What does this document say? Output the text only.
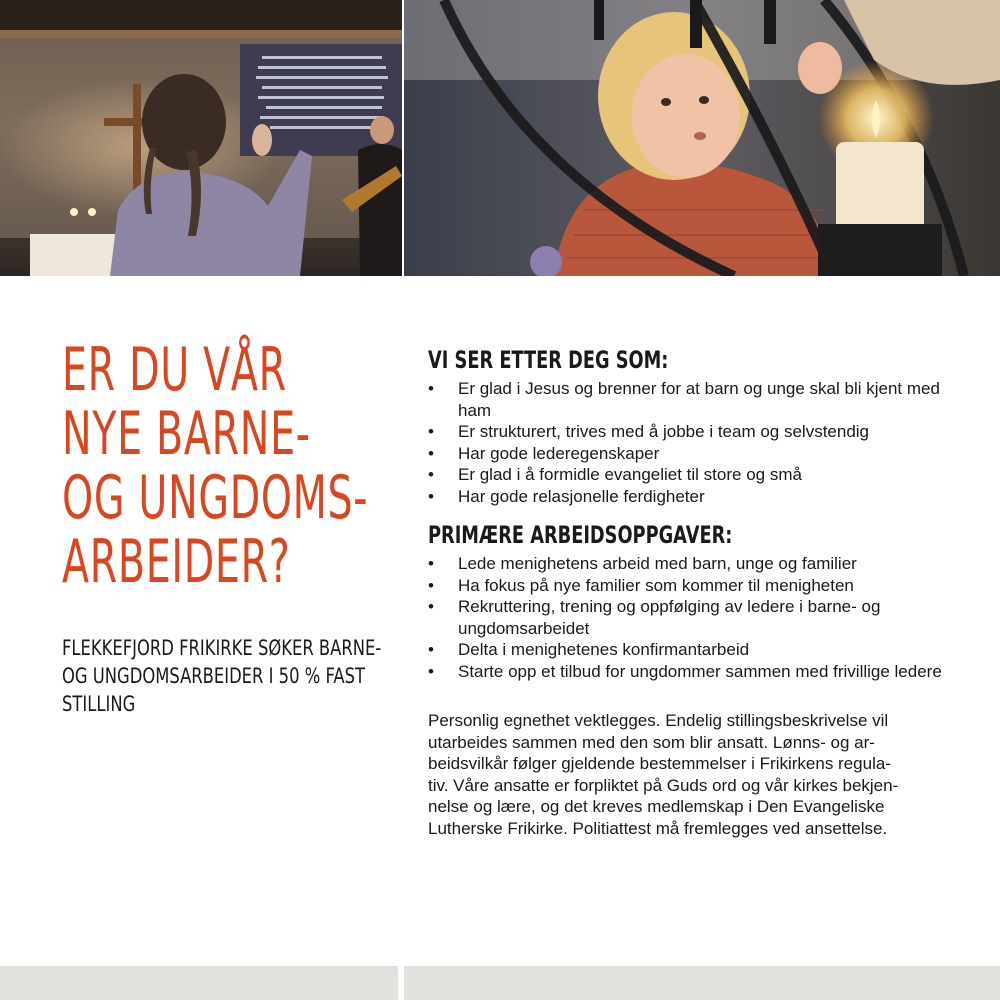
ER DU VÅR
NYE BARNE-
OG UNGDOMS-
ARBEIDER?
FLEKKEFJORD FRIKIRKE SØKER BARNE-
OG UNGDOMSARBEIDER I 50 % FAST
STILLING
VI SER ETTER DEG SOM:
•	Er glad i Jesus og brenner for at barn og unge skal bli kjent med ham
•	Er strukturert, trives med å jobbe i team og selvstendig
•	Har gode lederegenskaper
•	Er glad i å formidle evangeliet til store og små
•	Har gode relasjonelle ferdigheter
PRIMÆRE ARBEIDSOPPGAVER:
•	Lede menighetens arbeid med barn, unge og familier
•	Ha fokus på nye familier som kommer til menigheten
•	Rekruttering, trening og oppfølging av ledere i barne- og ungdomsarbeidet
•	Delta i menighetenes konfirmantarbeid
•	Starte opp et tilbud for ungdommer sammen med frivillige ledere

Personlig egnethet vektlegges. Endelig stillingsbeskrivelse vil
utarbeides sammen med den som blir ansatt. Lønns- og ar-
beidsvilkår følger gjeldende bestemmelser i Frikirkens regula-
tiv. Våre ansatte er forpliktet på Guds ord og vår kirkes bekjen-
nelse og lære, og det kreves medlemskap i Den Evangeliske
Lutherske Frikirke. Politiattest må fremlegges ved ansettelse.
